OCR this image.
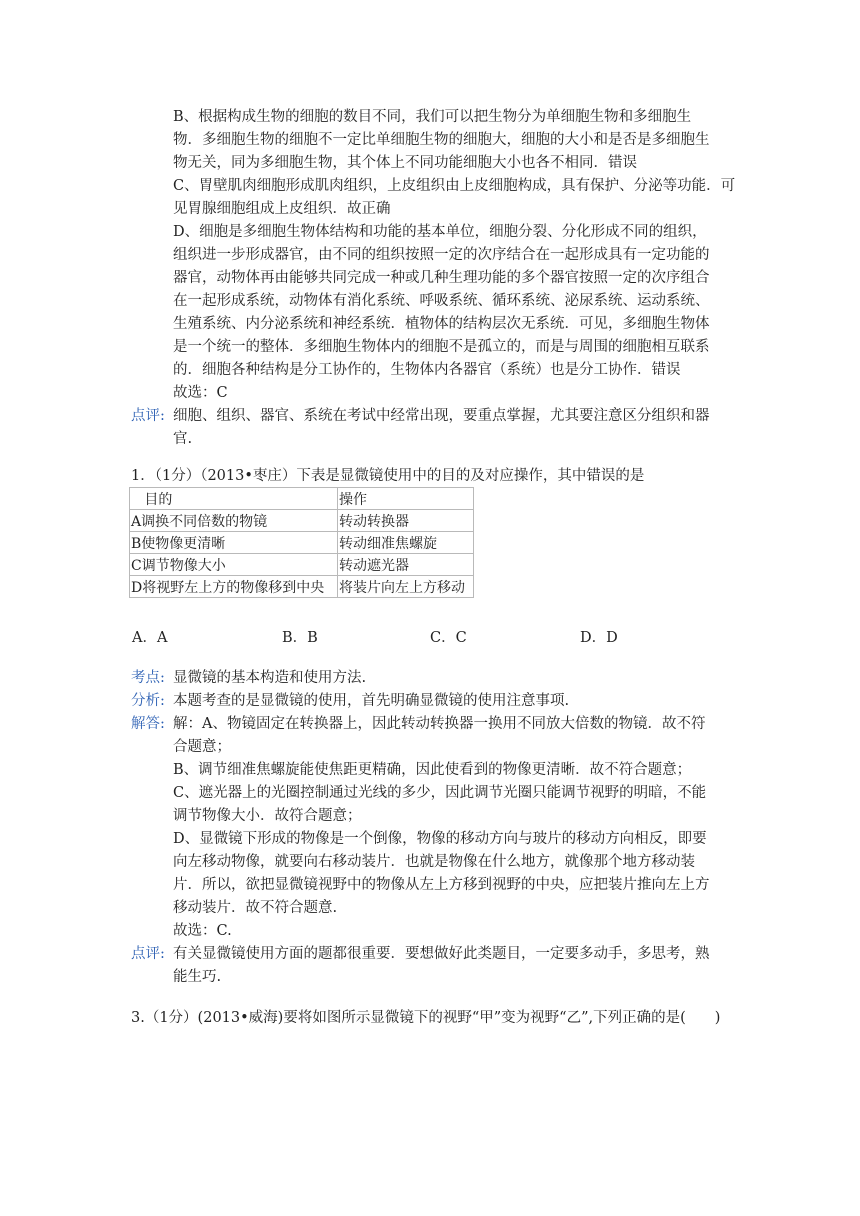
B、根据构成生物的细胞的数目不同，我们可以把生物分为单细胞生物和多细胞生
物．多细胞生物的细胞不一定比单细胞生物的细胞大，细胞的大小和是否是多细胞生
物无关，同为多细胞生物，其个体上不同功能细胞大小也各不相同．错误
C、胃壁肌肉细胞形成肌肉组织，上皮组织由上皮细胞构成，具有保护、分泌等功能．可
见胃腺细胞组成上皮组织．故正确
D、细胞是多细胞生物体结构和功能的基本单位，细胞分裂、分化形成不同的组织，
组织进一步形成器官，由不同的组织按照一定的次序结合在一起形成具有一定功能的
器官，动物体再由能够共同完成一种或几种生理功能的多个器官按照一定的次序组合
在一起形成系统，动物体有消化系统、呼吸系统、循环系统、泌尿系统、运动系统、
生殖系统、内分泌系统和神经系统．植物体的结构层次无系统．可见，多细胞生物体
是一个统一的整体．多细胞生物体内的细胞不是孤立的，而是与周围的细胞相互联系
的．细胞各种结构是分工协作的，生物体内各器官（系统）也是分工协作．错误
故选：C
点评: 细胞、组织、器官、系统在考试中经常出现，要重点掌握，尤其要注意区分组织和器
官.
1．（1分）（2013•枣庄）下表是显微镜使用中的目的及对应操作，其中错误的是
目的	操作
A调换不同倍数的物镜	转动转换器
B使物像更清晰	转动细准焦螺旋
C调节物像大小	转动遮光器
D将视野左上方的物像移到中央	将装片向左上方移动
A．A	B．B	C．C	D．D
考点: 显微镜的基本构造和使用方法.
分析: 本题考查的是显微镜的使用，首先明确显微镜的使用注意事项.
解答: 解：A、物镜固定在转换器上，因此转动转换器一换用不同放大倍数的物镜．故不符
合题意；
B、调节细准焦螺旋能使焦距更精确，因此使看到的物像更清晰．故不符合题意；
C、遮光器上的光圈控制通过光线的多少，因此调节光圈只能调节视野的明暗，不能
调节物像大小．故符合题意；
D、显微镜下形成的物像是一个倒像，物像的移动方向与玻片的移动方向相反，即要
向左移动物像，就要向右移动装片．也就是物像在什么地方，就像那个地方移动装
片．所以，欲把显微镜视野中的物像从左上方移到视野的中央，应把装片推向左上方
移动装片．故不符合题意.
故选：C.
点评: 有关显微镜使用方面的题都很重要．要想做好此类题目，一定要多动手，多思考，熟
能生巧.
3.（1分）(2013•威海)要将如图所示显微镜下的视野“甲”变为视野“乙”,下列正确的是(　　)
